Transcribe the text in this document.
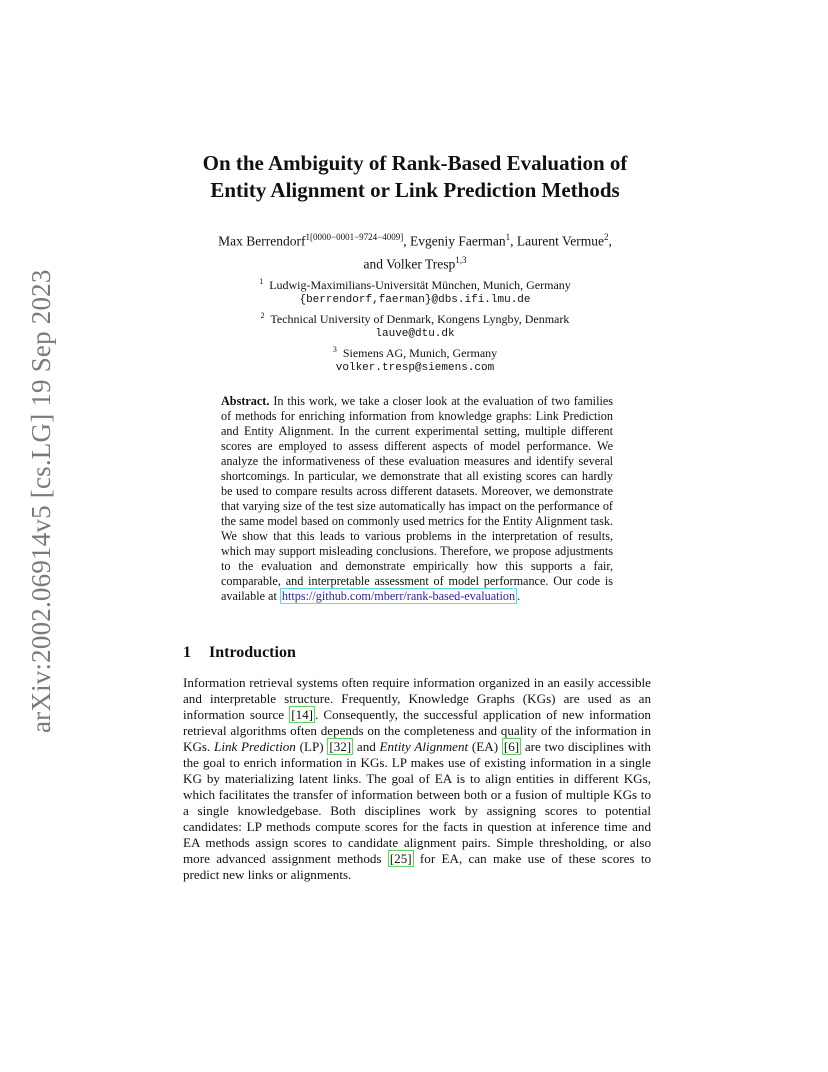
arXiv:2002.06914v5 [cs.LG] 19 Sep 2023
On the Ambiguity of Rank-Based Evaluation of
Entity Alignment or Link Prediction Methods
Max Berrendorf$^{1[0000-0001-9724-4009]}$, Evgeniy Faerman$^1$, Laurent Vermue$^2$,
and Volker Tresp$^{1,3}$
$^1$ Ludwig-Maximilians-Universität München, Munich, Germany
{berrendorf,faerman}@dbs.ifi.lmu.de
$^2$ Technical University of Denmark, Kongens Lyngby, Denmark
lauve@dtu.dk
$^3$ Siemens AG, Munich, Germany
volker.tresp@siemens.com
Abstract. In this work, we take a closer look at the evaluation of two families of methods for enriching information from knowledge graphs: Link Prediction and Entity Alignment. In the current experimental setting, multiple different scores are employed to assess different aspects of model performance. We analyze the informativeness of these evaluation measures and identify several shortcomings. In particular, we demonstrate that all existing scores can hardly be used to compare results across different datasets. Moreover, we demonstrate that varying size of the test size automatically has impact on the performance of the same model based on commonly used metrics for the Entity Alignment task. We show that this leads to various problems in the interpretation of results, which may support misleading conclusions. Therefore, we propose adjustments to the evaluation and demonstrate empirically how this supports a fair, comparable, and interpretable assessment of model performance. Our code is available at https://github.com/mberr/rank-based-evaluation .
1 Introduction
Information retrieval systems often require information organized in an easily accessible and interpretable structure. Frequently, Knowledge Graphs (KGs) are used as an information source [14] . Consequently, the successful application of new information retrieval algorithms often depends on the completeness and quality of the information in KGs. Link Prediction (LP) [32] and Entity Alignment (EA) [6] are two disciplines with the goal to enrich information in KGs. LP makes use of existing information in a single KG by materializing latent links. The goal of EA is to align entities in different KGs, which facilitates the transfer of information between both or a fusion of multiple KGs to a single knowledgebase. Both disciplines work by assigning scores to potential candidates: LP methods compute scores for the facts in question at inference time and EA methods assign scores to candidate alignment pairs. Simple thresholding, or also more advanced assignment methods [25] for EA, can make use of these scores to predict new links or alignments.
